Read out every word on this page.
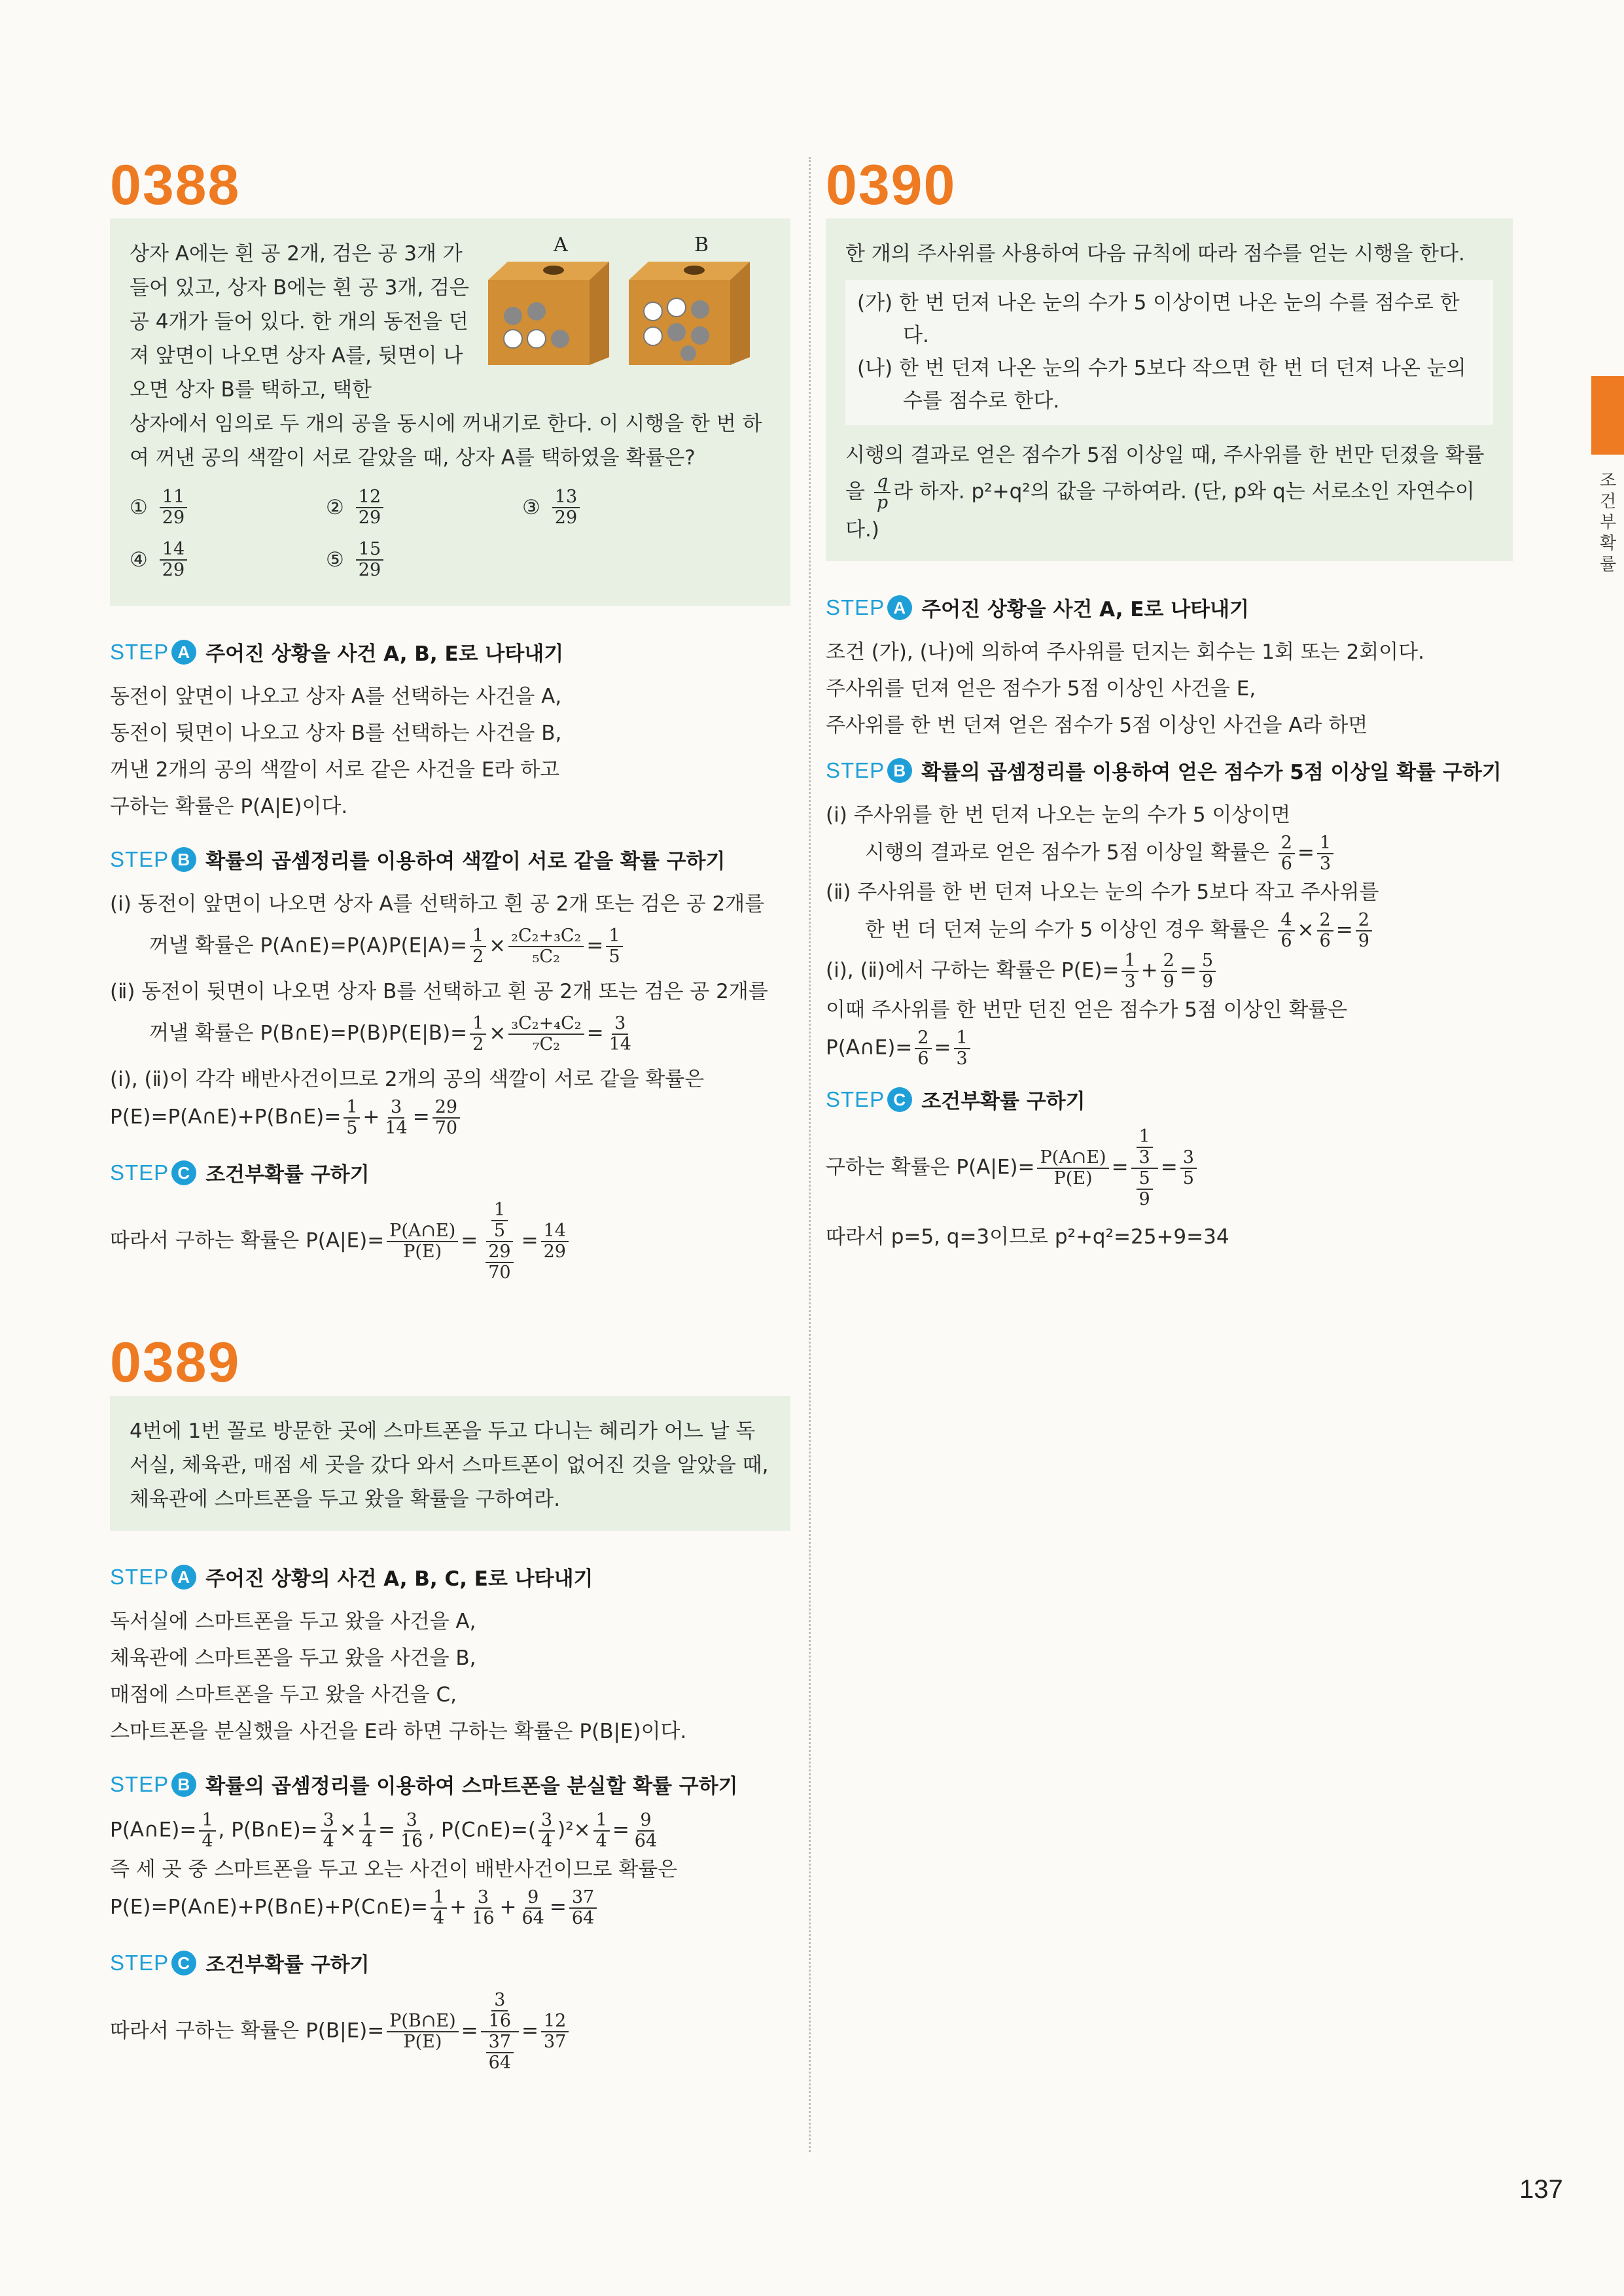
0388

상자 A에는 흰 공 2개, 검은 공 3개 가 들어 있고, 상자 B에는 흰 공 3개, 검은 공 4개가 들어 있다. 한 개의 동전을 던져 앞면이 나오면 상자 A를, 뒷면이 나오면 상자 B를 택하고, 택한

상자에서 임의로 두 개의 공을 동시에 꺼내기로 한다. 이 시행을 한 번 하여 꺼낸 공의 색깔이 서로 같았을 때, 상자 A를 택하였을 확률은?

A	B
① $\frac{11}{29}$	② $\frac{12}{29}$	③ $\frac{13}{29}$
④ $\frac{14}{29}$	⑤ $\frac{15}{29}$
STEP A 주어진 상황을 사건 A, B, E로 나타내기

동전이 앞면이 나오고 상자 A를 선택하는 사건을 A,

동전이 뒷면이 나오고 상자 B를 선택하는 사건을 B,

꺼낸 2개의 공의 색깔이 서로 같은 사건을 E라 하고

구하는 확률은 P(A|E)이다.

STEP B 확률의 곱셈정리를 이용하여 색깔이 서로 같을 확률 구하기

(ⅰ) 동전이 앞면이 나오면 상자 A를 선택하고 흰 공 2개 또는 검은 공 2개를

꺼낼 확률은 P(A∩E)=P(A)P(E|A)= $\frac{1}{2} \times \frac{\text{₂C₂+₃C₂}}{\text{₅C₂}} = \frac{1}{5}$

(ⅱ) 동전이 뒷면이 나오면 상자 B를 선택하고 흰 공 2개 또는 검은 공 2개를

꺼낼 확률은 P(B∩E)=P(B)P(E|B)= $\frac{1}{2} \times \frac{\text{₃C₂+₄C₂}}{\text{₇C₂}} = \frac{3}{14}$

(ⅰ), (ⅱ)이 각각 배반사건이므로 2개의 공의 색깔이 서로 같을 확률은

P(E)=P(A∩E)+P(B∩E)= $\frac{1}{5} + \frac{3}{14} = \frac{29}{70}$

STEP C 조건부확률 구하기

따라서 구하는 확률은 $P(A|E)= \frac{P(A\cap E)}{P(E)} = \frac{\frac{1}{5}}{\frac{29}{70}} = \frac{14}{29}$

0389

4번에 1번 꼴로 방문한 곳에 스마트폰을 두고 다니는 혜리가 어느 날 독서실, 체육관, 매점 세 곳을 갔다 와서 스마트폰이 없어진 것을 알았을 때, 체육관에 스마트폰을 두고 왔을 확률을 구하여라.

STEP A 주어진 상황의 사건 A, B, C, E로 나타내기

독서실에 스마트폰을 두고 왔을 사건을 A,

체육관에 스마트폰을 두고 왔을 사건을 B,

매점에 스마트폰을 두고 왔을 사건을 C,

스마트폰을 분실했을 사건을 E라 하면 구하는 확률은 P(B|E)이다.

STEP B 확률의 곱셈정리를 이용하여 스마트폰을 분실할 확률 구하기

P(A∩E)= $\frac{1}{4}$ , P(B∩E)= $\frac{3}{4} \times \frac{1}{4} = \frac{3}{16}$ , P(C∩E)=( $\frac{3}{4} )^2\times \frac{1}{4} = \frac{9}{64}$

즉 세 곳 중 스마트폰을 두고 오는 사건이 배반사건이므로 확률은

P(E)=P(A∩E)+P(B∩E)+P(C∩E)= $\frac{1}{4} + \frac{3}{16} + \frac{9}{64} = \frac{37}{64}$

STEP C 조건부확률 구하기

따라서 구하는 확률은 $P(B|E)= \frac{P(B\cap E)}{P(E)} = \frac{\frac{3}{16}}{\frac{37}{64}} = \frac{12}{37}$

0390

한 개의 주사위를 사용하여 다음 규칙에 따라 점수를 얻는 시행을 한다.

(가) 한 번 던져 나온 눈의 수가 5 이상이면 나온 눈의 수를 점수로 한다.

(나) 한 번 던져 나온 눈의 수가 5보다 작으면 한 번 더 던져 나온 눈의 수를 점수로 한다.

시행의 결과로 얻은 점수가 5점 이상일 때, 주사위를 한 번만 던졌을 확률을 $\frac{q}{p}$ 라 하자. p²+q²의 값을 구하여라. (단, p와 q는 서로소인 자연수이다.)

STEP A 주어진 상황을 사건 A, E로 나타내기

조건 (가), (나)에 의하여 주사위를 던지는 회수는 1회 또는 2회이다.

주사위를 던져 얻은 점수가 5점 이상인 사건을 E,

주사위를 한 번 던져 얻은 점수가 5점 이상인 사건을 A라 하면

STEP B 확률의 곱셈정리를 이용하여 얻은 점수가 5점 이상일 확률 구하기

(ⅰ) 주사위를 한 번 던져 나오는 눈의 수가 5 이상이면

시행의 결과로 얻은 점수가 5점 이상일 확률은 $\frac{2}{6} = \frac{1}{3}$

(ⅱ) 주사위를 한 번 던져 나오는 눈의 수가 5보다 작고 주사위를

한 번 더 던져 눈의 수가 5 이상인 경우 확률은 $\frac{4}{6} \times \frac{2}{6} = \frac{2}{9}$

(ⅰ), (ⅱ)에서 구하는 확률은 $P(E)= \frac{1}{3} + \frac{2}{9} = \frac{5}{9}$

이때 주사위를 한 번만 던진 얻은 점수가 5점 이상인 확률은

P(A∩E)= $\frac{2}{6} = \frac{1}{3}$

STEP C 조건부확률 구하기

구하는 확률은 $P(A|E)= \frac{P(A\cap E)}{P(E)} = \frac{\frac{1}{3}}{\frac{5}{9}} = \frac{3}{5}$

따라서 p=5, q=3이므로 p²+q²=25+9=34

조건부확률
137
